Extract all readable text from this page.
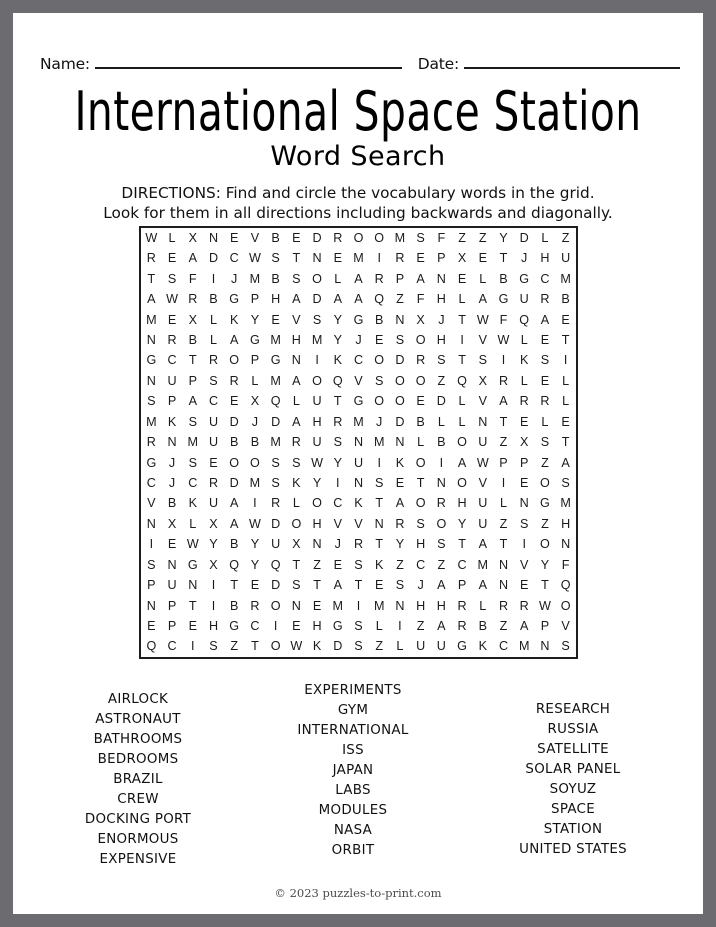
Name:	Date:
International Space Station
Word Search
DIRECTIONS: Find and circle the vocabulary words in the grid.
Look for them in all directions including backwards and diagonally.
W L	X N E V B E D R O O M S	F	Z	Z	Y D	L	Z
R E A D C W S	T N E M	I	R E P X E	T	J	H U
T	S	F	I	J M B S O L	A R P A N E	L	B G C M
A W R B G P H A D A A Q Z	F H	L	A G U R B
M E X	L	K Y E V S Y G B N X	J	T W F Q A E
N R B	L	A G M H M Y	J	E S O H	I	V W L	E	T
G C T R O P G N	I	K C O D R S	T	S	I	K S	I
N U P S R	L M A O Q V S O O Z Q X R	L	E	L
S P A C E X Q L	U T G O O E D	L	V A R R	L
M K S U D	J	D A H R M J	D B	L	L	N T	E	L	E
R N M U B B M R U S N M N	L	B O U Z	X S	T
G	J	S E O O S S W Y U	I	K O	I	A W P P	Z	A
C	J	C R D M S K Y	I	N S E	T N O V	I	E O S
V B K U A	I	R	L O C K	T	A O R H U	L	N G M
N X	L	X A W D O H V V N R S O Y U Z	S	Z H
I	E W Y B Y U X N	J	R T	Y H S	T	A	T	I	O N
S N G X Q Y Q T	Z	E S K	Z C Z C M N V Y	F
P U N	I	T	E D S	T	A	T	E S	J	A P A N E	T Q
N P	T	I	B R O N E M	I	M N H H R	L	R R W O
E P E H G C	I	E H G S	L	I	Z	A R B	Z	A P V
Q C	I	S	Z	T O W K D S	Z	L	U U G K C M N S
AIRLOCK
ASTRONAUT
BATHROOMS
BEDROOMS
BRAZIL
CREW
DOCKING PORT
ENORMOUS
EXPENSIVE
EXPERIMENTS
GYM
INTERNATIONAL
ISS
JAPAN
LABS
MODULES
NASA
ORBIT
RESEARCH
RUSSIA
SATELLITE
SOLAR PANEL
SOYUZ
SPACE
STATION
UNITED STATES
© 2023 puzzles-to-print.com
